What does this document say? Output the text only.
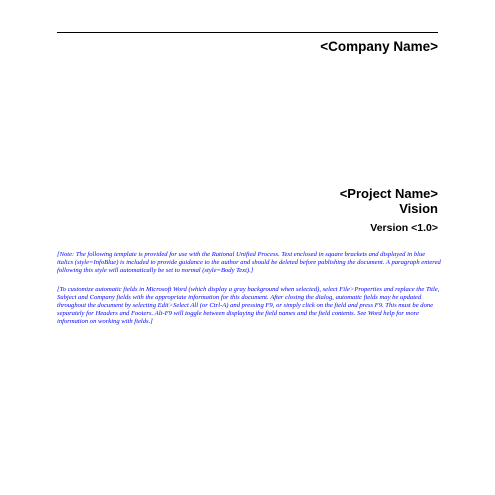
<Company Name>
<Project Name>
Vision
Version <1.0>

[Note: The following template is provided for use with the Rational Unified Process. Text enclosed in square brackets and displayed in blue italics (style=InfoBlue) is included to provide guidance to the author and should be deleted before publishing the document. A paragraph entered following this style will automatically be set to normal (style=Body Text).]

[To customize automatic fields in Microsoft Word (which display a gray background when selected), select File>Properties and replace the Title, Subject and Company fields with the appropriate information for this document. After closing the dialog, automatic fields may be updated throughout the document by selecting Edit>Select All (or Ctrl-A) and pressing F9, or simply click on the field and press F9. This must be done separately for Headers and Footers. Alt-F9 will toggle between displaying the field names and the field contents. See Word help for more information on working with fields.]
